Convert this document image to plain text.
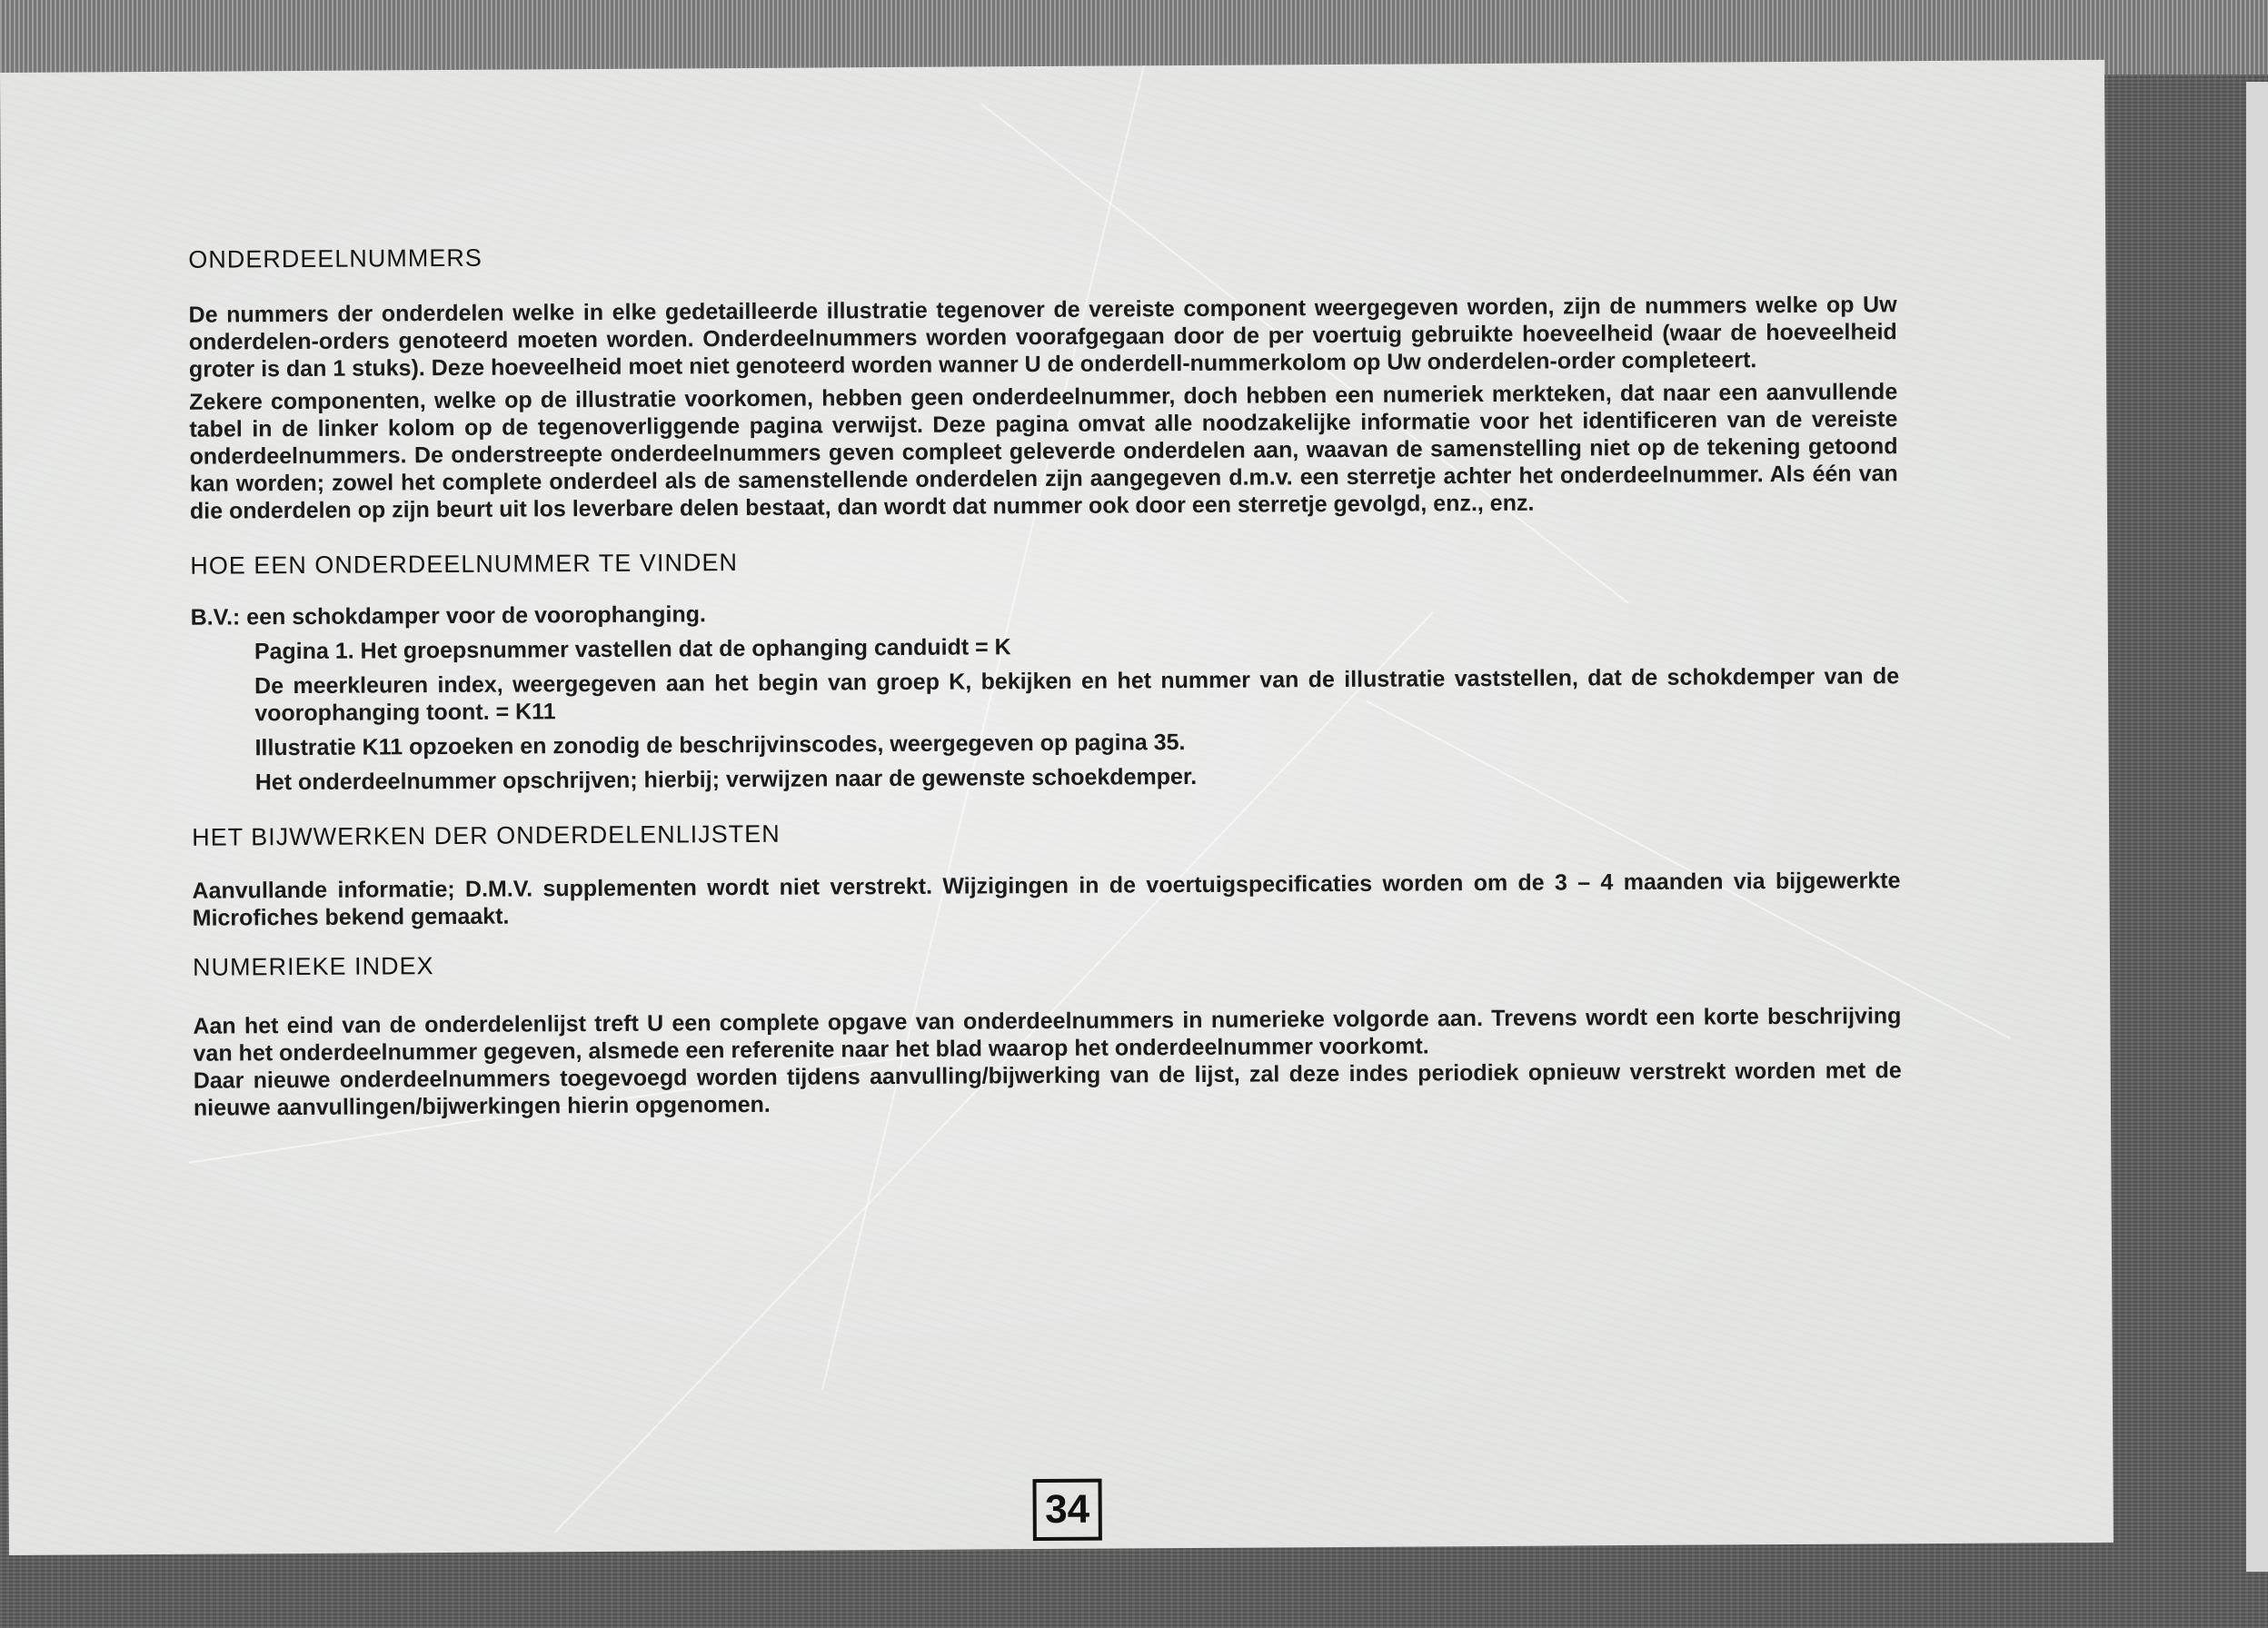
ONDERDEELNUMMERS

De nummers der onderdelen welke in elke gedetailleerde illustratie tegenover de vereiste component weergegeven worden, zijn de nummers welke op Uw onderdelen-orders genoteerd moeten worden. Onderdeelnummers worden voorafgegaan door de per voertuig gebruikte hoeveelheid (waar de hoeveelheid groter is dan 1 stuks). Deze hoeveelheid moet niet genoteerd worden wanner U de onderdell-nummerkolom op Uw onderdelen-order completeert.

Zekere componenten, welke op de illustratie voorkomen, hebben geen onderdeelnummer, doch hebben een numeriek merkteken, dat naar een aanvullende tabel in de linker kolom op de tegenoverliggende pagina verwijst. Deze pagina omvat alle noodzakelijke informatie voor het identificeren van de vereiste onderdeelnummers. De onderstreepte onderdeelnummers geven compleet geleverde onderdelen aan, waavan de samenstelling niet op de tekening getoond kan worden; zowel het complete onderdeel als de samenstellende onderdelen zijn aangegeven d.m.v. een sterretje achter het onderdeelnummer. Als één van die onderdelen op zijn beurt uit los leverbare delen bestaat, dan wordt dat nummer ook door een sterretje gevolgd, enz., enz.

HOE EEN ONDERDEELNUMMER TE VINDEN

B.V.: een schokdamper voor de voorophanging.

Pagina 1. Het groepsnummer vastellen dat de ophanging canduidt = K

De meerkleuren index, weergegeven aan het begin van groep K, bekijken en het nummer van de illustratie vaststellen, dat de schokdemper van de voorophanging toont. = K11

Illustratie K11 opzoeken en zonodig de beschrijvinscodes, weergegeven op pagina 35.

Het onderdeelnummer opschrijven; hierbij; verwijzen naar de gewenste schoekdemper.

HET BIJWWERKEN DER ONDERDELENLIJSTEN

Aanvullande informatie; D.M.V. supplementen wordt niet verstrekt. Wijzigingen in de voertuigspecificaties worden om de 3 – 4 maanden via bijgewerkte Microfiches bekend gemaakt.

NUMERIEKE INDEX

Aan het eind van de onderdelenlijst treft U een complete opgave van onderdeelnummers in numerieke volgorde aan. Trevens wordt een korte beschrijving van het onderdeelnummer gegeven, alsmede een referenite naar het blad waarop het onderdeelnummer voorkomt.

Daar nieuwe onderdeelnummers toegevoegd worden tijdens aanvulling/bijwerking van de lijst, zal deze indes periodiek opnieuw verstrekt worden met de nieuwe aanvullingen/bijwerkingen hierin opgenomen.

34
